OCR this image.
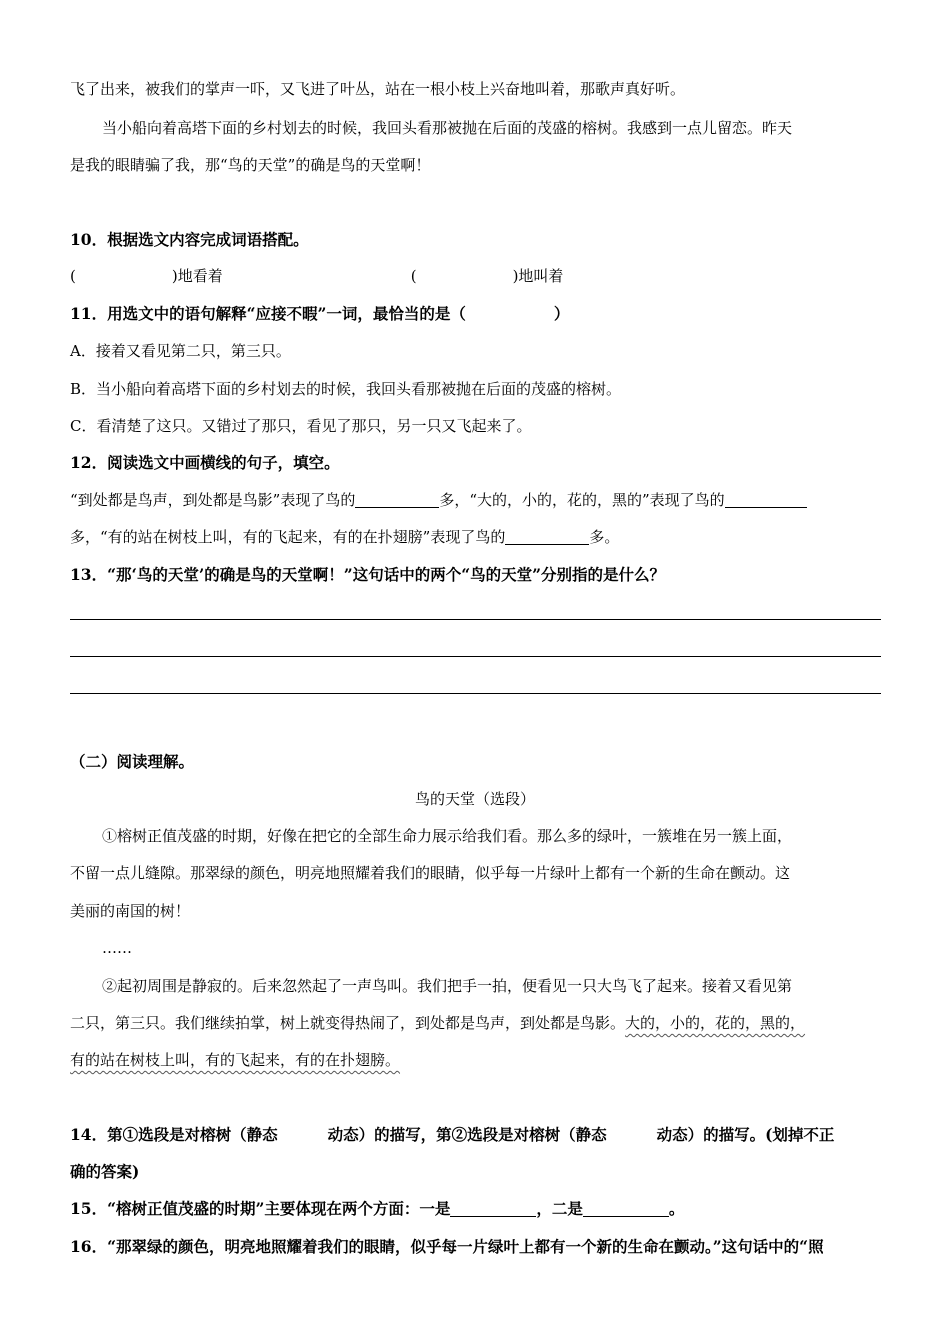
飞了出来，被我们的掌声一吓，又飞进了叶丛，站在一根小枝上兴奋地叫着，那歌声真好听。
当小船向着高塔下面的乡村划去的时候，我回头看那被抛在后面的茂盛的榕树。我感到一点儿留恋。昨天
是我的眼睛骗了我，那“鸟的天堂”的确是鸟的天堂啊！
10．根据选文内容完成词语搭配。
(	)地看着	(	)地叫着
11．用选文中的语句解释“应接不暇”一词，最恰当的是（	）
A．接着又看见第二只，第三只。
B．当小船向着高塔下面的乡村划去的时候，我回头看那被抛在后面的茂盛的榕树。
C．看清楚了这只。又错过了那只，看见了那只，另一只又飞起来了。
12．阅读选文中画横线的句子，填空。
“到处都是鸟声，到处都是鸟影”表现了鸟的	多，“大的，小的，花的，黑的”表现了鸟的
多，“有的站在树枝上叫，有的飞起来，有的在扑翅膀”表现了鸟的	多。
13．“那‘鸟的天堂’的确是鸟的天堂啊！”这句话中的两个“鸟的天堂”分别指的是什么？
（二）阅读理解。
鸟的天堂（选段）
①榕树正值茂盛的时期，好像在把它的全部生命力展示给我们看。那么多的绿叶，一簇堆在另一簇上面，
不留一点儿缝隙。那翠绿的颜色，明亮地照耀着我们的眼睛，似乎每一片绿叶上都有一个新的生命在颤动。这
美丽的南国的树！
……
②起初周围是静寂的。后来忽然起了一声鸟叫。我们把手一拍，便看见一只大鸟飞了起来。接着又看见第
二只，第三只。我们继续拍掌，树上就变得热闹了，到处都是鸟声，到处都是鸟影。大的，小的，花的，黑的，
有的站在树枝上叫，有的飞起来，有的在扑翅膀。
14．第①选段是对榕树（静态	动态）的描写，第②选段是对榕树（静态	动态）的描写。(划掉不正
确的答案)
15．“榕树正值茂盛的时期”主要体现在两个方面：一是	，二是	。
16．“那翠绿的颜色，明亮地照耀着我们的眼睛，似乎每一片绿叶上都有一个新的生命在颤动。”这句话中的“照
